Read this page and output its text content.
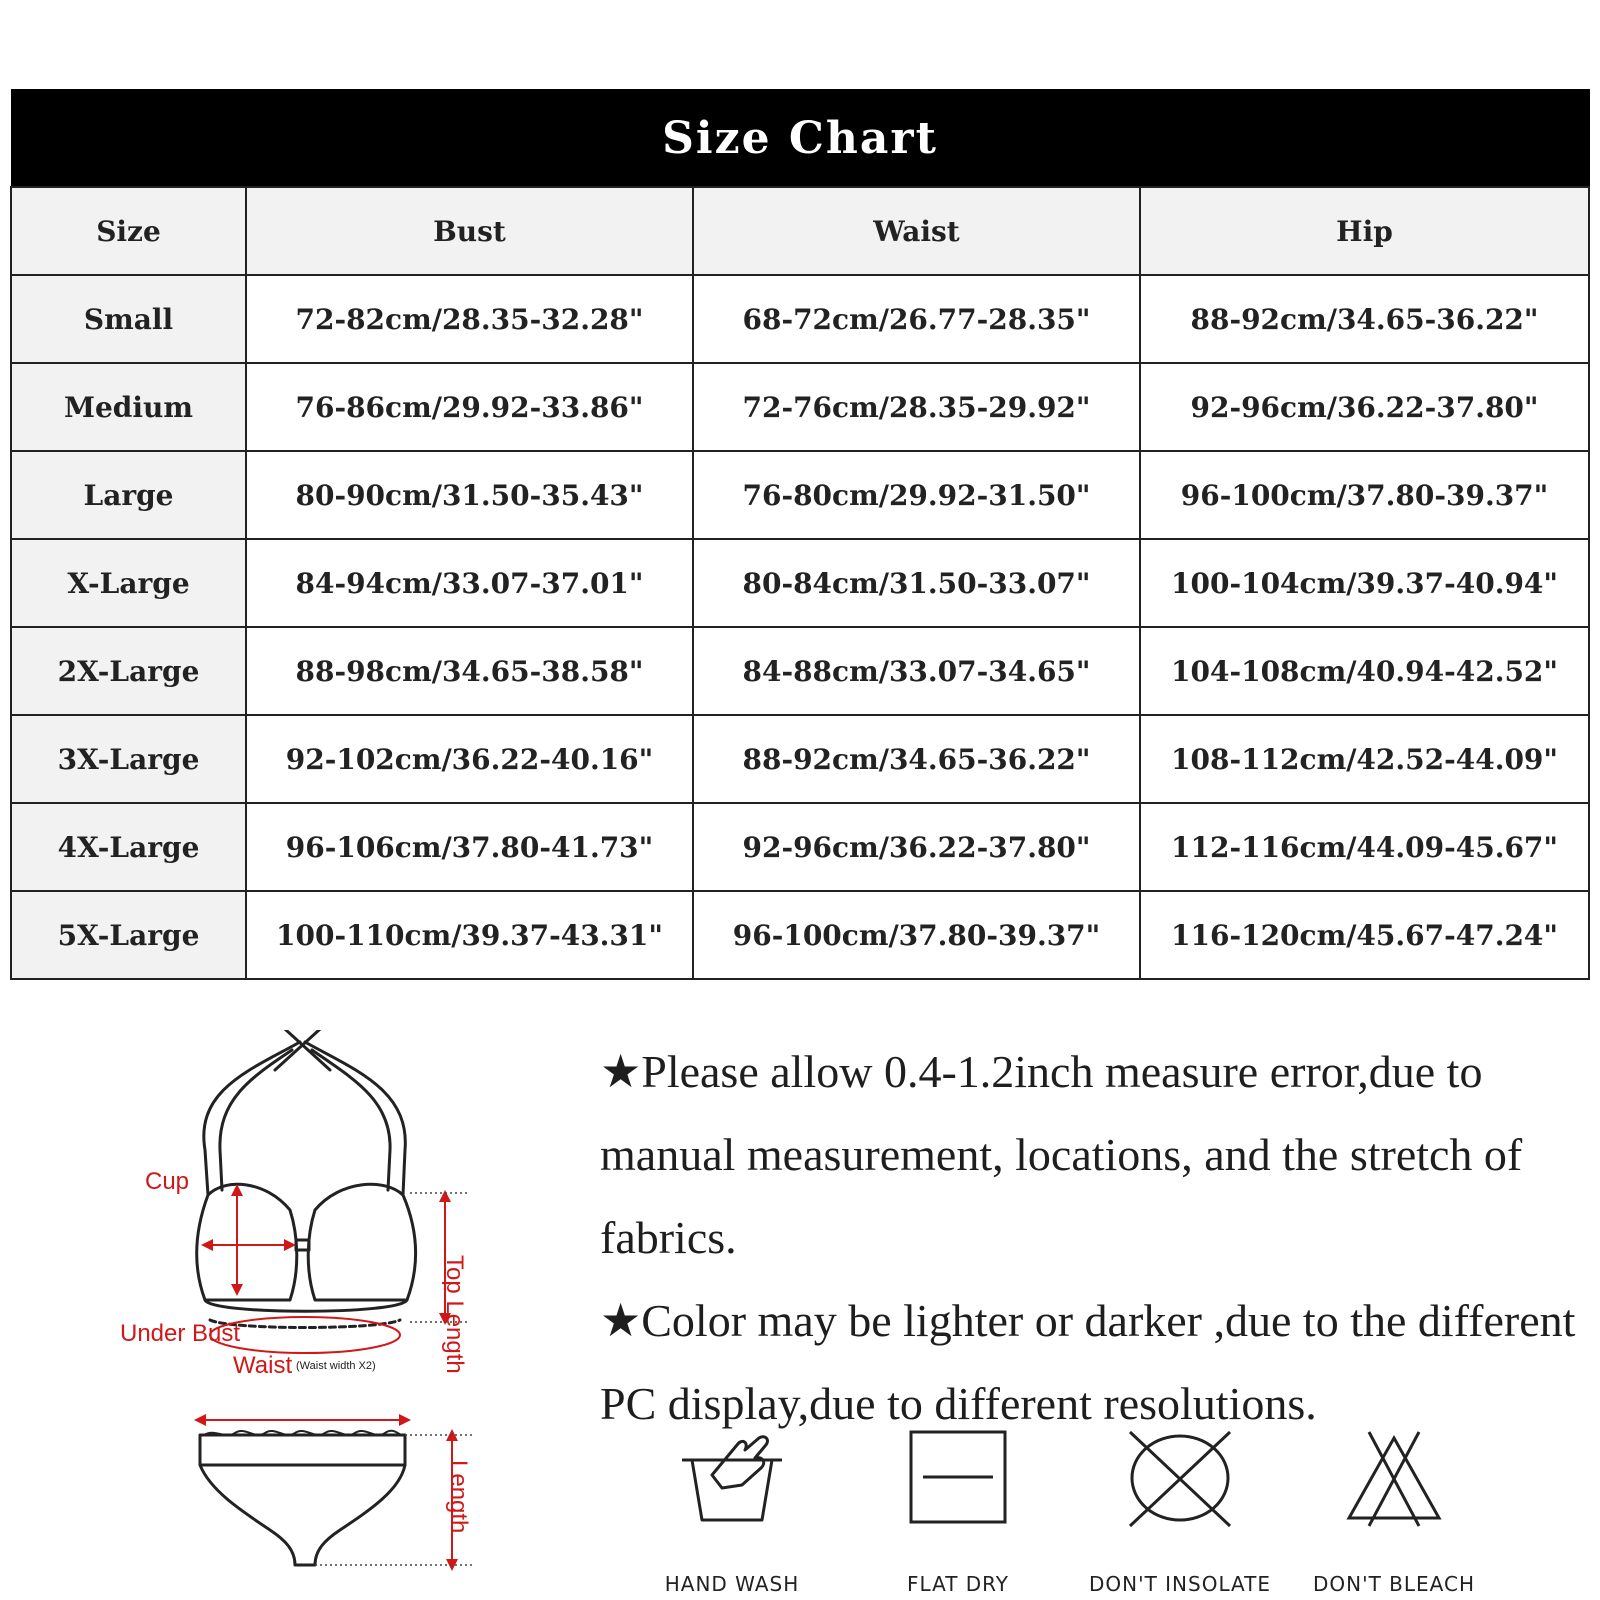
Size Chart			
Size	Bust	Waist	Hip
Small	72-82cm/28.35-32.28"	68-72cm/26.77-28.35"	88-92cm/34.65-36.22"
Medium	76-86cm/29.92-33.86"	72-76cm/28.35-29.92"	92-96cm/36.22-37.80"
Large	80-90cm/31.50-35.43"	76-80cm/29.92-31.50"	96-100cm/37.80-39.37"
X-Large	84-94cm/33.07-37.01"	80-84cm/31.50-33.07"	100-104cm/39.37-40.94"
2X-Large	88-98cm/34.65-38.58"	84-88cm/33.07-34.65"	104-108cm/40.94-42.52"
3X-Large	92-102cm/36.22-40.16"	88-92cm/34.65-36.22"	108-112cm/42.52-44.09"
4X-Large	96-106cm/37.80-41.73"	92-96cm/36.22-37.80"	112-116cm/44.09-45.67"
5X-Large	100-110cm/39.37-43.31"	96-100cm/37.80-39.37"	116-120cm/45.67-47.24"
Cup
Top Length
Under Bust
Waist (Waist width X2)
Length

★Please allow 0.4-1.2inch measure error,due to manual measurement, locations, and the stretch of fabrics.

★Color may be lighter or darker ,due to the different PC display,due to different resolutions.

HAND WASH	FLAT DRY	DON'T INSOLATE	DON'T BLEACH
